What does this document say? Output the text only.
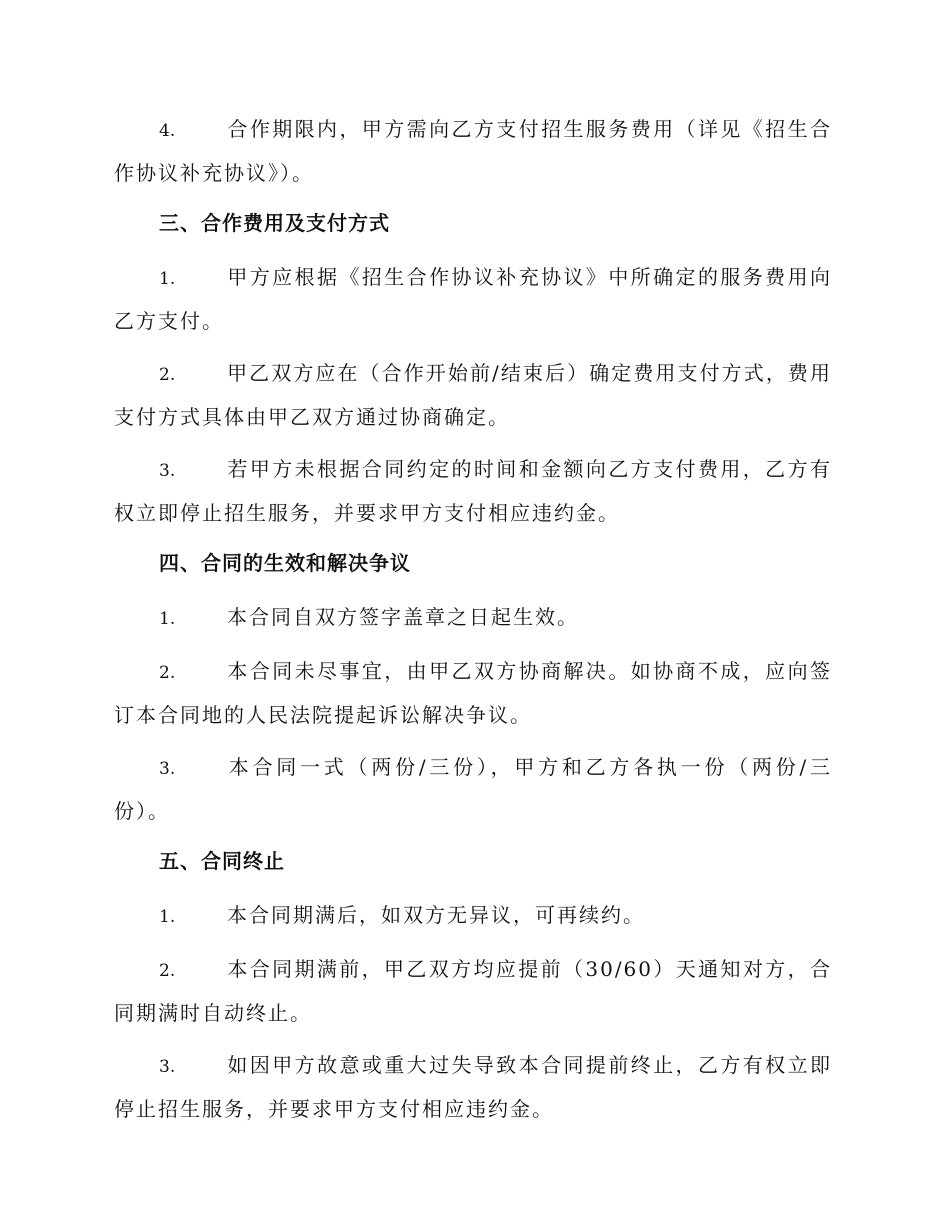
4.	合作期限内，甲方需向乙方支付招生服务费用（详见《招生合作协议补充协议》）。

三、合作费用及支付方式

1.	甲方应根据《招生合作协议补充协议》中所确定的服务费用向乙方支付。

2.	甲乙双方应在（合作开始前/结束后）确定费用支付方式，费用支付方式具体由甲乙双方通过协商确定。

3.	若甲方未根据合同约定的时间和金额向乙方支付费用，乙方有权立即停止招生服务，并要求甲方支付相应违约金。

四、合同的生效和解决争议

1.	本合同自双方签字盖章之日起生效。

2.	本合同未尽事宜，由甲乙双方协商解决。如协商不成，应向签订本合同地的人民法院提起诉讼解决争议。

3.	本合同一式（两份/三份），甲方和乙方各执一份（两份/三份）。

五、合同终止

1.	本合同期满后，如双方无异议，可再续约。

2.	本合同期满前，甲乙双方均应提前（30/60）天通知对方，合同期满时自动终止。

3.	如因甲方故意或重大过失导致本合同提前终止，乙方有权立即停止招生服务，并要求甲方支付相应违约金。
